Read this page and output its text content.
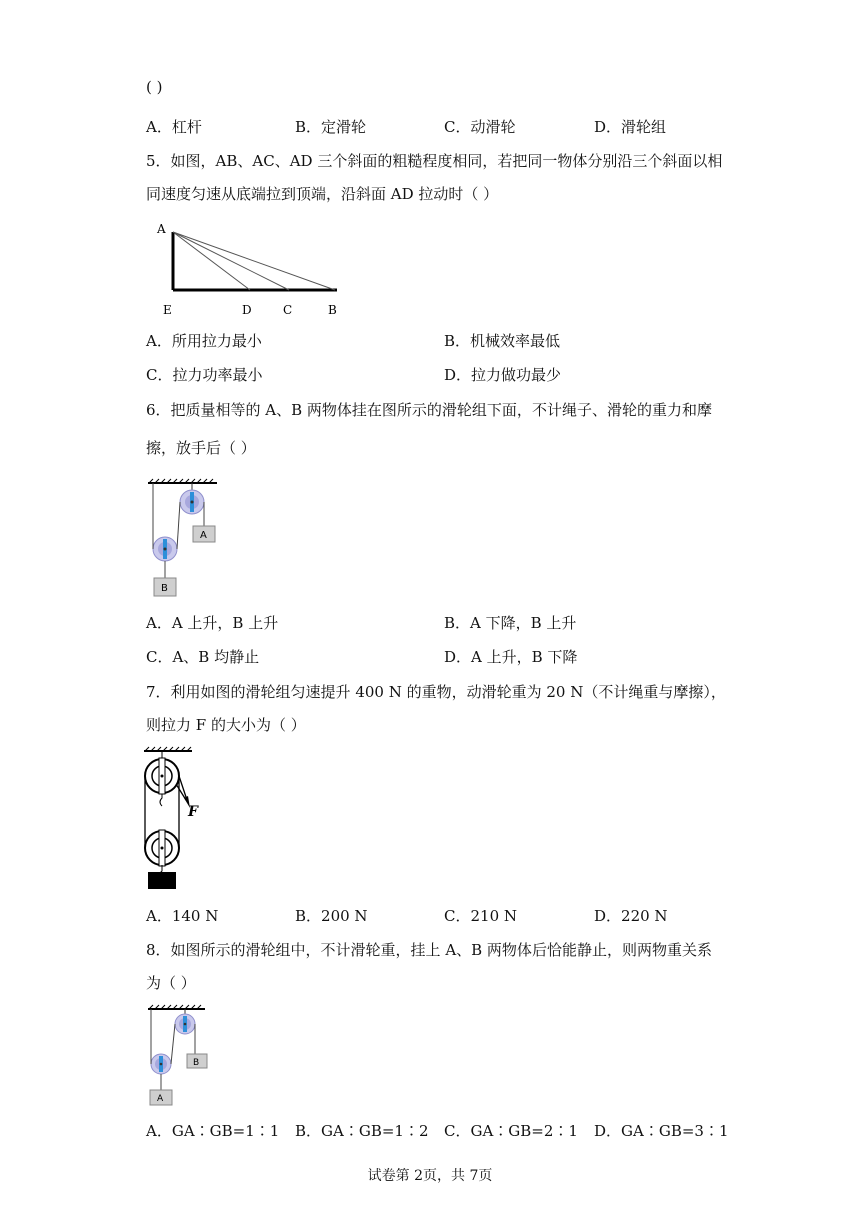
( )
A．杠杆	B．定滑轮	C．动滑轮	D．滑轮组
5．如图，AB、AC、AD 三个斜面的粗糙程度相同，若把同一物体分别沿三个斜面以相
同速度匀速从底端拉到顶端，沿斜面 AD 拉动时（ ）
A
E	D	C	B
A．所用拉力最小	B．机械效率最低
C．拉力功率最小	D．拉力做功最少
6．把质量相等的 A、B 两物体挂在图所示的滑轮组下面，不计绳子、滑轮的重力和摩
擦，放手后（ ）
A
B
A．A 上升，B 上升	B．A 下降，B 上升
C．A、B 均静止	D．A 上升，B 下降
7．利用如图的滑轮组匀速提升 400 N 的重物，动滑轮重为 20 N（不计绳重与摩擦），
则拉力 F 的大小为（ ）
F
A．140 N	B．200 N	C．210 N	D．220 N
8．如图所示的滑轮组中，不计滑轮重，挂上 A、B 两物体后恰能静止，则两物重关系
为（ ）
B
A
A．GA∶GB=1∶1 B．GA∶GB=1∶2 C．GA∶GB=2∶1 D．GA∶GB=3∶1
试卷第 2页，共 7页
